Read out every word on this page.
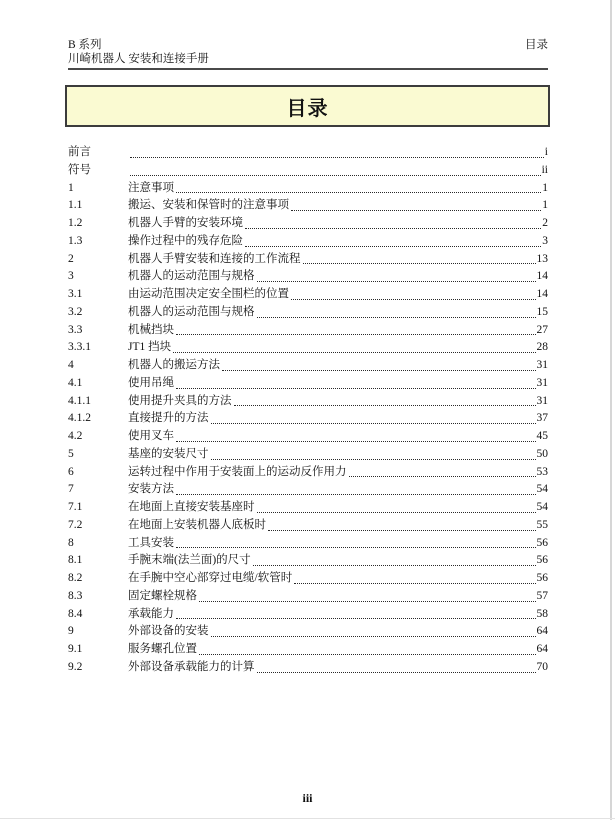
B 系列	目录
川崎机器人 安装和连接手册
目录
前言	i
符号	ii
1	注意事项	1
1.1	搬运、安装和保管时的注意事项	1
1.2	机器人手臂的安装环境	2
1.3	操作过程中的残存危险	3
2	机器人手臂安装和连接的工作流程	13
3	机器人的运动范围与规格	14
3.1	由运动范围决定安全围栏的位置	14
3.2	机器人的运动范围与规格	15
3.3	机械挡块	27
3.3.1	JT1 挡块	28
4	机器人的搬运方法	31
4.1	使用吊绳	31
4.1.1	使用提升夹具的方法	31
4.1.2	直接提升的方法	37
4.2	使用叉车	45
5	基座的安装尺寸	50
6	运转过程中作用于安装面上的运动反作用力	53
7	安装方法	54
7.1	在地面上直接安装基座时	54
7.2	在地面上安装机器人底板时	55
8	工具安装	56
8.1	手腕末端(法兰面)的尺寸	56
8.2	在手腕中空心部穿过电缆/软管时	56
8.3	固定螺栓规格	57
8.4	承载能力	58
9	外部设备的安装	64
9.1	服务螺孔位置	64
9.2	外部设备承载能力的计算	70
iii
